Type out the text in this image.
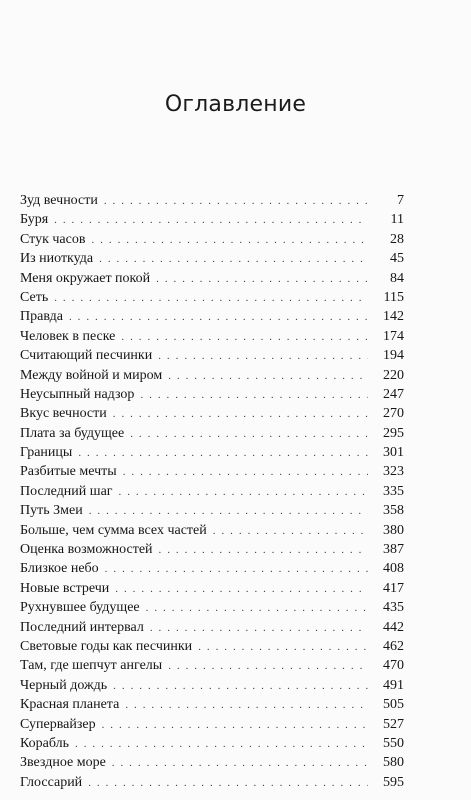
Оглавление
Зуд вечности . . .	7
Буря . . .	11
Стук часов . . .	28
Из ниоткуда . . .	45
Меня окружает покой . . .	84
Сеть . . .	115
Правда . . .	142
Человек в песке . . .	174
Считающий песчинки . . .	194
Между войной и миром . . .	220
Неусыпный надзор . . .	247
Вкус вечности . . .	270
Плата за будущее . . .	295
Границы . . .	301
Разбитые мечты . . .	323
Последний шаг . . .	335
Путь Змеи . . .	358
Больше, чем сумма всех частей . . .	380
Оценка возможностей . . .	387
Близкое небо . . .	408
Новые встречи . . .	417
Рухнувшее будущее . . .	435
Последний интервал . . .	442
Световые годы как песчинки . . .	462
Там, где шепчут ангелы . . .	470
Черный дождь . . .	491
Красная планета . . .	505
Супервайзер . . .	527
Корабль . . .	550
Звездное море . . .	580
Глоссарий . . .	595
